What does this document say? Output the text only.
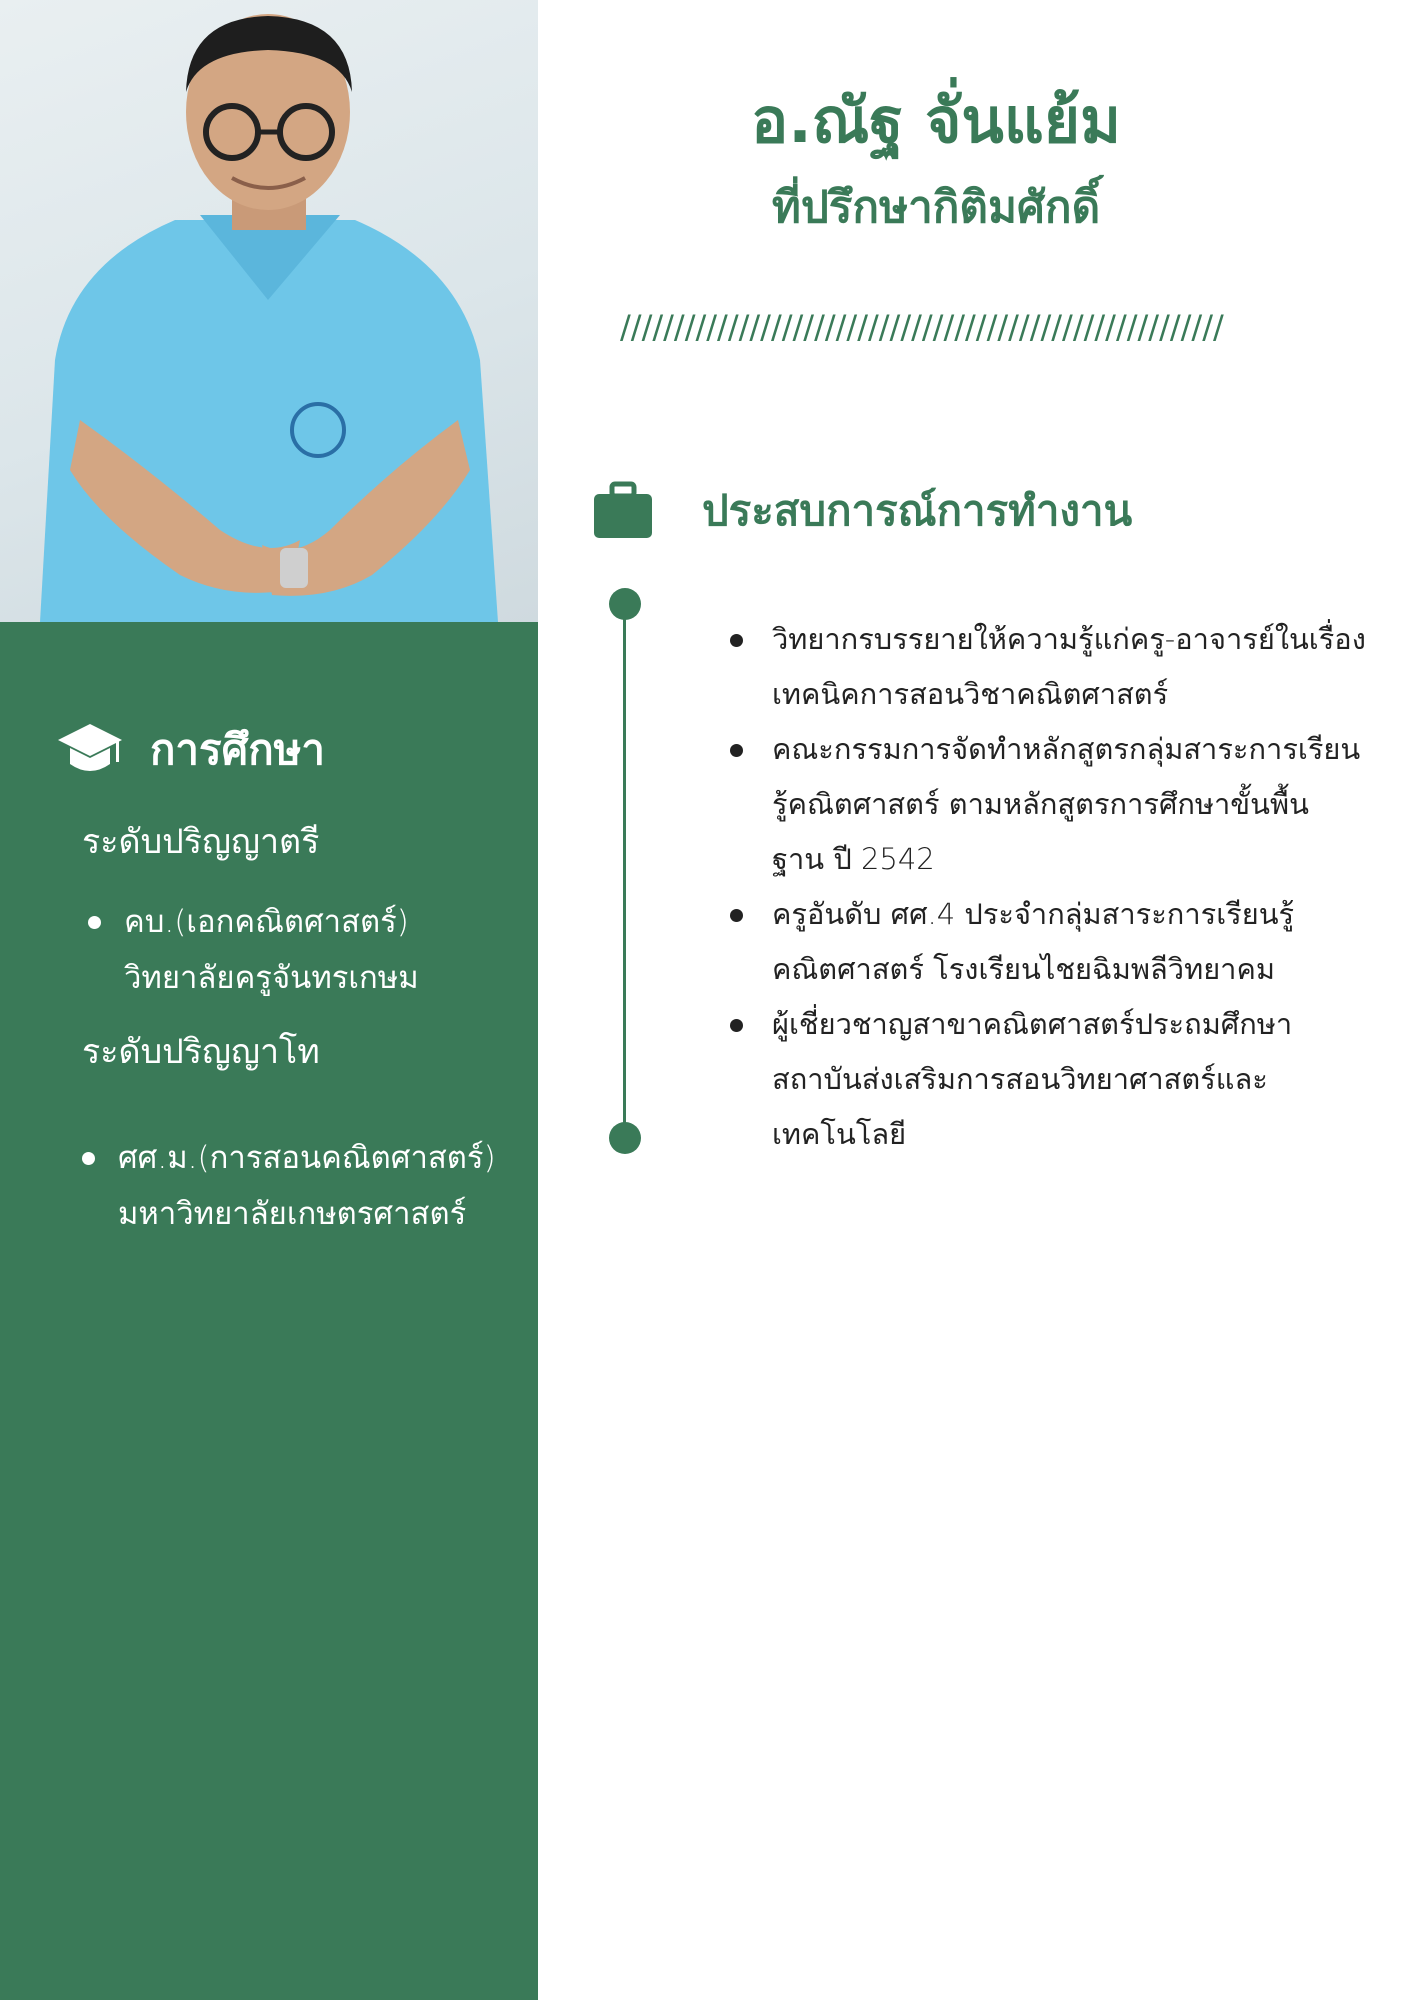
การศึกษา
ระดับปริญญาตรี
คบ.(เอกคณิตศาสตร์)
วิทยาลัยครูจันทรเกษม
ระดับปริญญาโท
ศศ.ม.(การสอนคณิตศาสตร์)
มหาวิทยาลัยเกษตรศาสตร์
อ.ณัฐ จั่นแย้ม
ที่ปรึกษากิติมศักดิ์
////////////////////////////////////////////////////////
ประสบการณ์การทำงาน
วิทยากรบรรยายให้ความรู้แก่ครู-อาจารย์ในเรื่อง
เทคนิคการสอนวิชาคณิตศาสตร์
คณะกรรมการจัดทำหลักสูตรกลุ่มสาระการเรียน
รู้คณิตศาสตร์ ตามหลักสูตรการศึกษาขั้นพื้น
ฐาน ปี 2542
ครูอันดับ ศศ.4 ประจำกลุ่มสาระการเรียนรู้
คณิตศาสตร์ โรงเรียนไชยฉิมพลีวิทยาคม
ผู้เชี่ยวชาญสาขาคณิตศาสตร์ประถมศึกษา
สถาบันส่งเสริมการสอนวิทยาศาสตร์และ
เทคโนโลยี
